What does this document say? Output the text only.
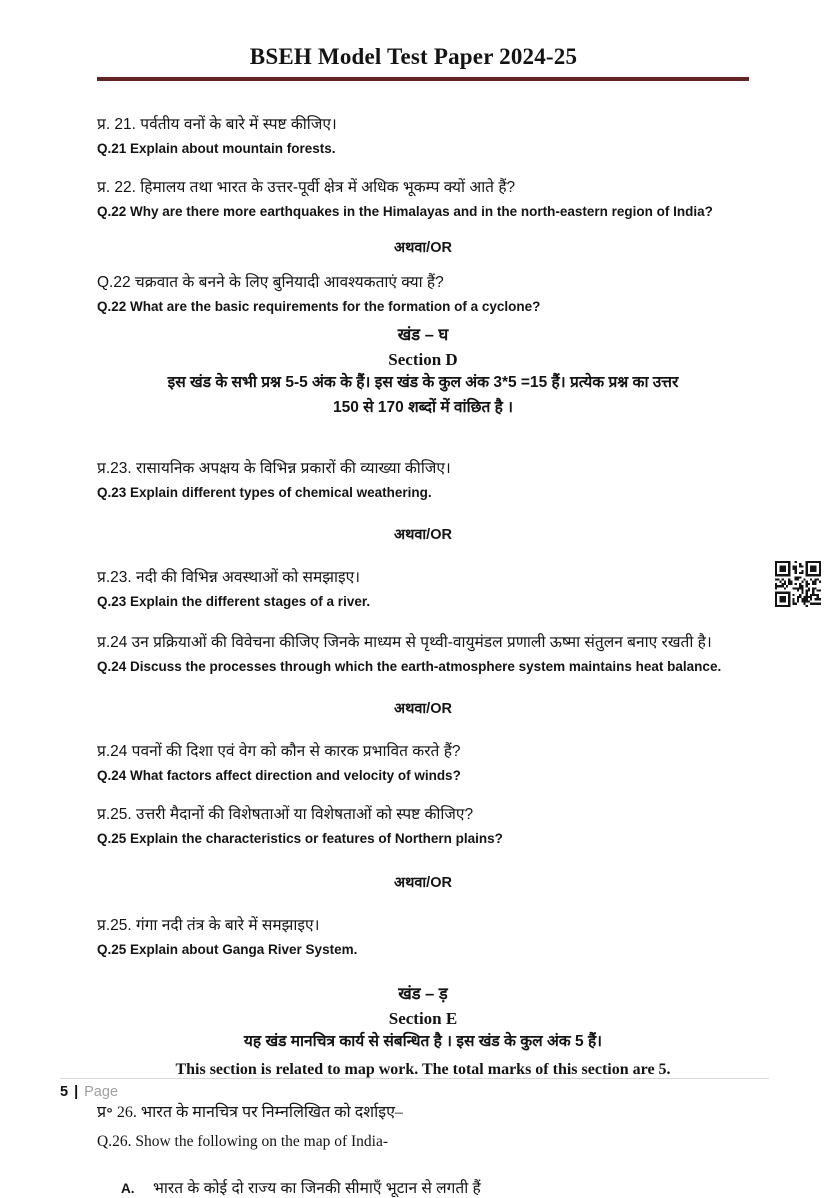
BSEH Model Test Paper 2024-25
प्र. 21. पर्वतीय वनों के बारे में स्पष्ट कीजिए।
Q.21 Explain about mountain forests.
प्र. 22. हिमालय तथा भारत के उत्तर-पूर्वी क्षेत्र में अधिक भूकम्प क्यों आते हैं?
Q.22 Why are there more earthquakes in the Himalayas and in the north-eastern region of India?
अथवा/OR
Q.22 चक्रवात के बनने के लिए बुनियादी आवश्यकताएं क्या हैं?
Q.22 What are the basic requirements for the formation of a cyclone?
खंड – घ
Section D
इस खंड के सभी प्रश्न 5-5 अंक के हैं। इस खंड के कुल अंक 3*5 =15 हैं। प्रत्येक प्रश्न का उत्तर
150 से 170 शब्दों में वांछित है ।
प्र.23. रासायनिक अपक्षय के विभिन्न प्रकारों की व्याख्या कीजिए।
Q.23 Explain different types of chemical weathering.
अथवा/OR
प्र.23. नदी की विभिन्न अवस्थाओं को समझाइए।
Q.23 Explain the different stages of a river.
प्र.24 उन प्रक्रियाओं की विवेचना कीजिए जिनके माध्यम से पृथ्वी-वायुमंडल प्रणाली ऊष्मा संतुलन बनाए रखती है।
Q.24 Discuss the processes through which the earth-atmosphere system maintains heat balance.
अथवा/OR
प्र.24 पवनों की दिशा एवं वेग को कौन से कारक प्रभावित करते हैं?
Q.24 What factors affect direction and velocity of winds?
प्र.25. उत्तरी मैदानों की विशेषताओं या विशेषताओं को स्पष्ट कीजिए?
Q.25 Explain the characteristics or features of Northern plains?
अथवा/OR
प्र.25. गंगा नदी तंत्र के बारे में समझाइए।
Q.25 Explain about Ganga River System.
खंड – ड़
Section E
यह खंड मानचित्र कार्य से संबन्धित है । इस खंड के कुल अंक 5 हैं।
This section is related to map work. The total marks of this section are 5.
प्र॰ 26. भारत के मानचित्र पर निम्नलिखित को दर्शाइए–
Q.26. Show the following on the map of India-
A.	भारत के कोई दो राज्य का जिनकी सीमाएँ भूटान से लगती हैं
5 | Page
